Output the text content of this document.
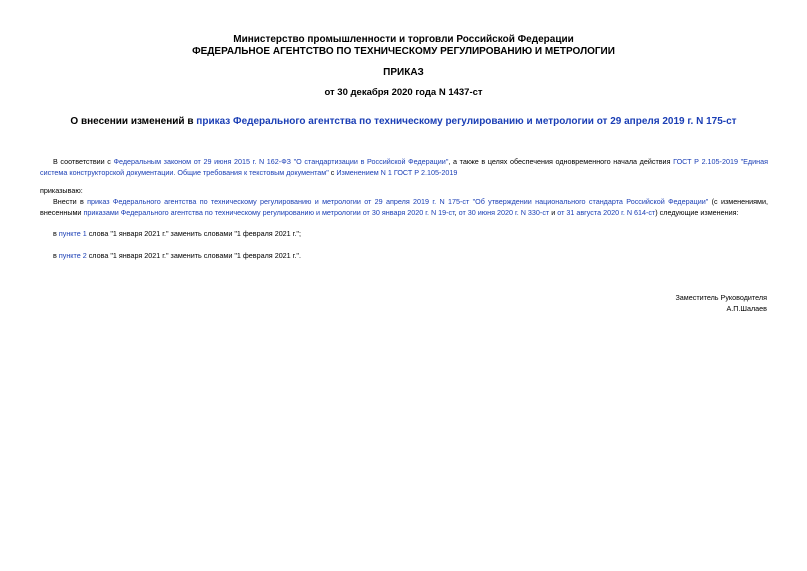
Министерство промышленности и торговли Российской Федерации
ФЕДЕРАЛЬНОЕ АГЕНТСТВО ПО ТЕХНИЧЕСКОМУ РЕГУЛИРОВАНИЮ И МЕТРОЛОГИИ
ПРИКАЗ
от 30 декабря 2020 года N 1437-ст
О внесении изменений в приказ Федерального агентства по техническому регулированию и метрологии от 29 апреля 2019 г. N 175-ст
В соответствии с Федеральным законом от 29 июня 2015 г. N 162-ФЗ "О стандартизации в Российской Федерации", а также в целях обеспечения одновременного начала действия ГОСТ Р 2.105-2019 "Единая система конструкторской документации. Общие требования к текстовым документам" с Изменением N 1 ГОСТ Р 2.105-2019
приказываю:
Внести в приказ Федерального агентства по техническому регулированию и метрологии от 29 апреля 2019 г. N 175-ст "Об утверждении национального стандарта Российской Федерации" (с изменениями, внесенными приказами Федерального агентства по техническому регулированию и метрологии от 30 января 2020 г. N 19-ст, от 30 июня 2020 г. N 330-ст и от 31 августа 2020 г. N 614-ст) следующие изменения:
в пункте 1 слова "1 января 2021 г." заменить словами "1 февраля 2021 г.";
в пункте 2 слова "1 января 2021 г." заменить словами "1 февраля 2021 г.".
Заместитель Руководителя
А.П.Шалаев
